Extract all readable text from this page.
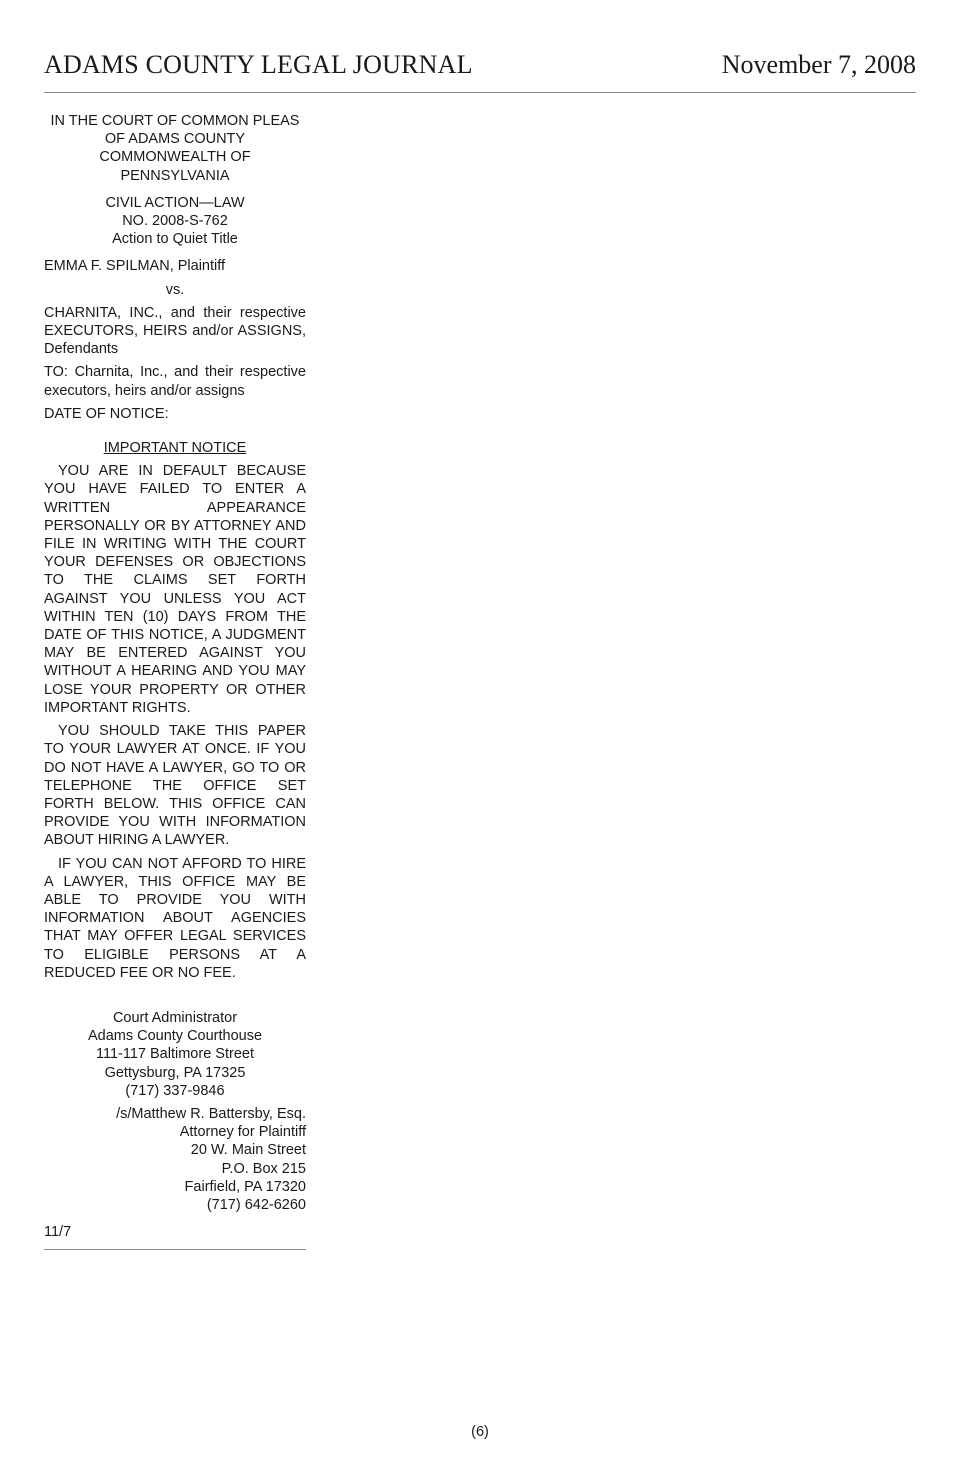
ADAMS COUNTY LEGAL JOURNAL	November 7, 2008
IN THE COURT OF COMMON PLEAS
OF ADAMS COUNTY
COMMONWEALTH OF
PENNSYLVANIA
CIVIL ACTION—LAW
NO. 2008-S-762
Action to Quiet Title
EMMA F. SPILMAN, Plaintiff
vs.
CHARNITA, INC., and their respective EXECUTORS, HEIRS and/or ASSIGNS, Defendants
TO: Charnita, Inc., and their respective executors, heirs and/or assigns
DATE OF NOTICE:
IMPORTANT NOTICE

YOU ARE IN DEFAULT BECAUSE YOU HAVE FAILED TO ENTER A WRITTEN APPEARANCE PERSONALLY OR BY ATTORNEY AND FILE IN WRITING WITH THE COURT YOUR DEFENSES OR OBJECTIONS TO THE CLAIMS SET FORTH AGAINST YOU UNLESS YOU ACT WITHIN TEN (10) DAYS FROM THE DATE OF THIS NOTICE, A JUDGMENT MAY BE ENTERED AGAINST YOU WITHOUT A HEARING AND YOU MAY LOSE YOUR PROPERTY OR OTHER IMPORTANT RIGHTS.

YOU SHOULD TAKE THIS PAPER TO YOUR LAWYER AT ONCE. IF YOU DO NOT HAVE A LAWYER, GO TO OR TELEPHONE THE OFFICE SET FORTH BELOW. THIS OFFICE CAN PROVIDE YOU WITH INFORMATION ABOUT HIRING A LAWYER.

IF YOU CAN NOT AFFORD TO HIRE A LAWYER, THIS OFFICE MAY BE ABLE TO PROVIDE YOU WITH INFORMATION ABOUT AGENCIES THAT MAY OFFER LEGAL SERVICES TO ELIGIBLE PERSONS AT A REDUCED FEE OR NO FEE.

Court Administrator
Adams County Courthouse
111-117 Baltimore Street
Gettysburg, PA 17325
(717) 337-9846
/s/Matthew R. Battersby, Esq.
Attorney for Plaintiff
20 W. Main Street
P.O. Box 215
Fairfield, PA 17320
(717) 642-6260
11/7
(6)
